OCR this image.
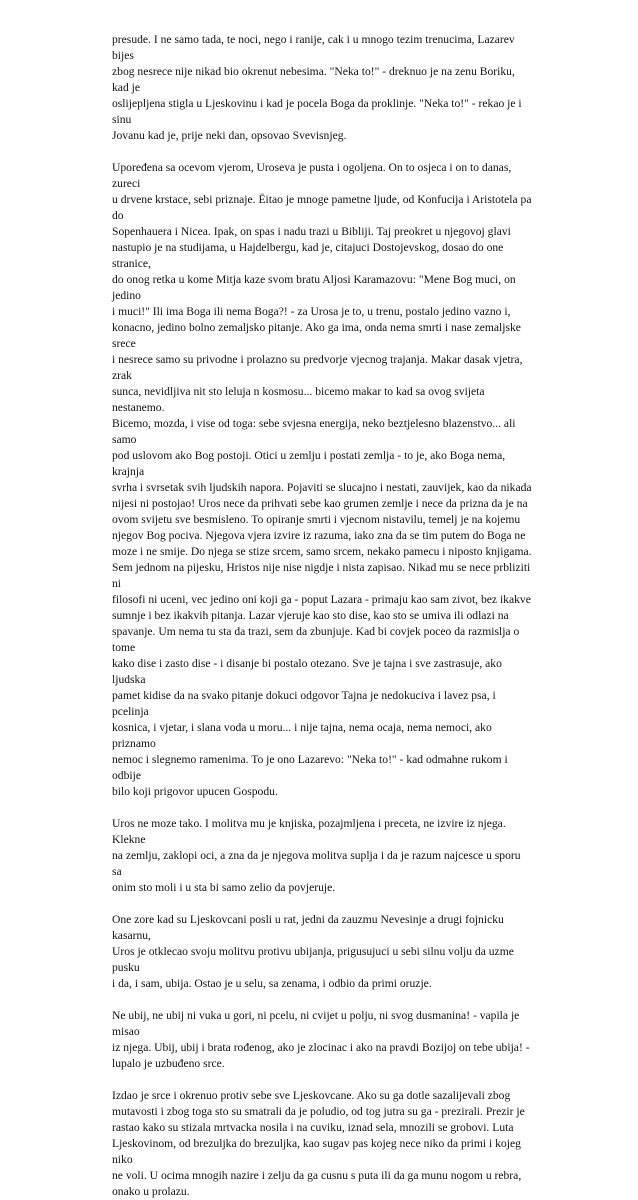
presude. I ne samo tada, te noci, nego i ranije, cak i u mnogo tezim trenucima, Lazarev bijes
zbog nesrece nije nikad bio okrenut nebesima. "Neka to!" - dreknuo je na zenu Boriku, kad je
oslijepljena stigla u Ljeskovinu i kad je pocela Boga da proklinje. "Neka to!" - rekao je i sinu
Jovanu kad je, prije neki dan, opsovao Svevisnjeg.

Upoređena sa ocevom vjerom, Uroseva je pusta i ogoljena. On to osjeca i on to danas, zureci
u drvene krstace, sebi priznaje. Ëitao je mnoge pametne ljude, od Konfucija i Aristotela pa do
Sopenhauera i Nicea. Ipak, on spas i nadu trazi u Bibliji. Taj preokret u njegovoj glavi
nastupio je na studijama, u Hajdelbergu, kad je, citajuci Dostojevskog, dosao do one stranice,
do onog retka u kome Mitja kaze svom bratu Aljosi Karamazovu: "Mene Bog muci, on jedino
i muci!" Ili ima Boga ili nema Boga?! - za Urosa je to, u trenu, postalo jedino vazno i,
konacno, jedino bolno zemaljsko pitanje. Ako ga ima, onda nema smrti i nase zemaljske srece
i nesrece samo su privodne i prolazno su predvorje vjecnog trajanja. Makar dasak vjetra, zrak
sunca, nevidljiva nit sto leluja n kosmosu... bicemo makar to kad sa ovog svijeta nestanemo.
Bicemo, mozda, i vise od toga: sebe svjesna energija, neko beztjelesno blazenstvo... ali samo
pod uslovom ako Bog postoji. Otici u zemlju i postati zemlja - to je, ako Boga nema, krajnja
svrha i svrsetak svih ljudskih napora. Pojaviti se slucajno i nestati, zauvijek, kao da nikada
nijesi ni postojao! Uros nece da prihvati sebe kao grumen zemlje i nece da prizna da je na
ovom svijetu sve besmisleno. To opiranje smrti i vjecnom nistavilu, temelj je na kojemu
njegov Bog pociva. Njegova vjera izvire iz razuma, iako zna da se tim putem do Boga ne
moze i ne smije. Do njega se stize srcem, samo srcem, nekako pamecu i niposto knjigama.
Sem jednom na pijesku, Hristos nije nise nigdje i nista zapisao. Nikad mu se nece prbliziti ni
filosofi ni uceni, vec jedino oni koji ga - poput Lazara - primaju kao sam zivot, bez ikakve
sumnje i bez ikakvih pitanja. Lazar vjeruje kao sto dise, kao sto se umiva ili odlazi na
spavanje. Um nema tu sta da trazi, sem da zbunjuje. Kad bi covjek poceo da razmislja o tome
kako dise i zasto dise - i disanje bi postalo otezano. Sve je tajna i sve zastrasuje, ako ljudska
pamet kidise da na svako pitanje dokuci odgovor Tajna je nedokuciva i lavez psa, i pcelinja
kosnica, i vjetar, i slana voda u moru... i nije tajna, nema ocaja, nema nemoci, ako priznamo
nemoc i slegnemo ramenima. To je ono Lazarevo: "Neka to!" - kad odmahne rukom i odbije
bilo koji prigovor upucen Gospodu.

Uros ne moze tako. I molitva mu je knjiska, pozajmljena i preceta, ne izvire iz njega. Klekne
na zemlju, zaklopi oci, a zna da je njegova molitva suplja i da je razum najcesce u sporu sa
onim sto moli i u sta bi samo zelio da povjeruje.

One zore kad su Ljeskovcani posli u rat, jedni da zauzmu Nevesinje a drugi fojnicku kasarnu,
Uros je otklecao svoju molitvu protivu ubijanja, prigusujuci u sebi silnu volju da uzme pusku
i da, i sam, ubija. Ostao je u selu, sa zenama, i odbio da primi oruzje.

Ne ubij, ne ubij ni vuka u gori, ni pcelu, ni cvijet u polju, ni svog dusmanina! - vapila je misao
iz njega. Ubij, ubij i brata rođenog, ako je zlocinac i ako na pravdi Bozijoj on tebe ubija! -
lupalo je uzbuđeno srce.

Izdao je srce i okrenuo protiv sebe sve Ljeskovcane. Ako su ga dotle sazalijevali zbog
mutavosti i zbog toga sto su smatrali da je poludio, od tog jutra su ga - prezirali. Prezir je
rastao kako su stizala mrtvacka nosila i na cuviku, iznad sela, mnozili se grobovi. Luta
Ljeskovinom, od brezuljka do brezuljka, kao sugav pas kojeg nece niko da primi i kojeg niko
ne voli. U ocima mnogih nazire i zelju da ga cusnu s puta ili da ga munu nogom u rebra,
onako u prolazu.
